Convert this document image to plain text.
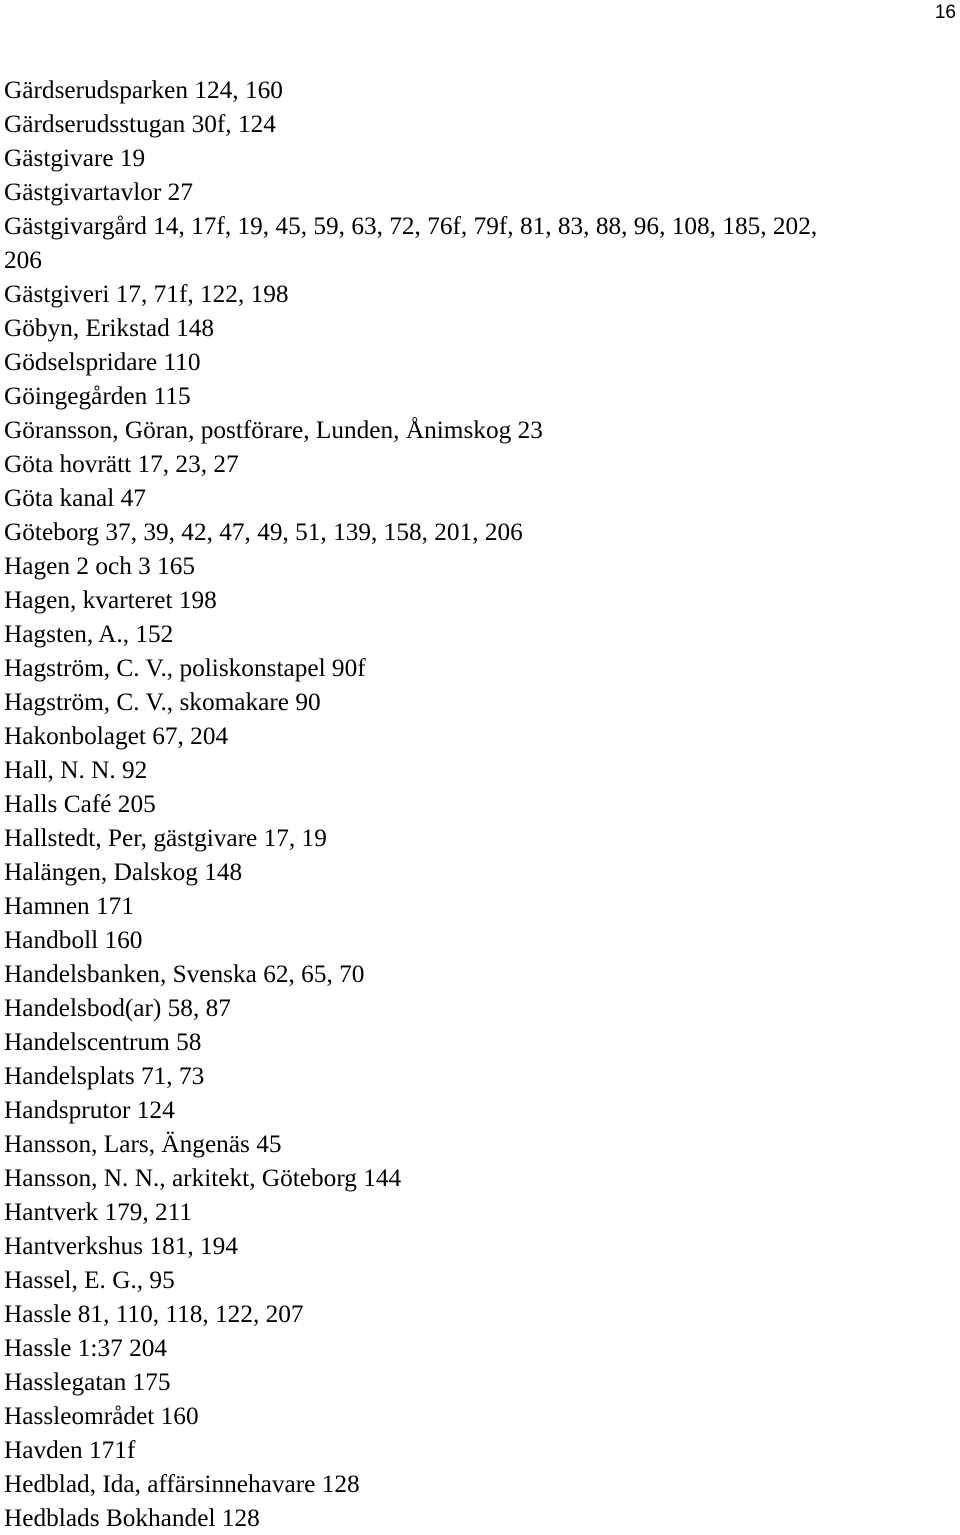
16
Gärdserudsparken 124, 160
Gärdserudsstugan 30f, 124
Gästgivare 19
Gästgivartavlor 27
Gästgivargård 14, 17f, 19, 45, 59, 63, 72, 76f, 79f, 81, 83, 88, 96, 108, 185, 202,
206
Gästgiveri 17, 71f, 122, 198
Göbyn, Erikstad 148
Gödselspridare 110
Göingegården 115
Göransson, Göran, postförare, Lunden, Ånimskog 23
Göta hovrätt 17, 23, 27
Göta kanal 47
Göteborg 37, 39, 42, 47, 49, 51, 139, 158, 201, 206
Hagen 2 och 3 165
Hagen, kvarteret 198
Hagsten, A., 152
Hagström, C. V., poliskonstapel 90f
Hagström, C. V., skomakare 90
Hakonbolaget 67, 204
Hall, N. N. 92
Halls Café 205
Hallstedt, Per, gästgivare 17, 19
Halängen, Dalskog 148
Hamnen 171
Handboll 160
Handelsbanken, Svenska 62, 65, 70
Handelsbod(ar) 58, 87
Handelscentrum 58
Handelsplats 71, 73
Handsprutor 124
Hansson, Lars, Ängenäs 45
Hansson, N. N., arkitekt, Göteborg 144
Hantverk 179, 211
Hantverkshus 181, 194
Hassel, E. G., 95
Hassle 81, 110, 118, 122, 207
Hassle 1:37 204
Hasslegatan 175
Hassleområdet 160
Havden 171f
Hedblad, Ida, affärsinnehavare 128
Hedblads Bokhandel 128
